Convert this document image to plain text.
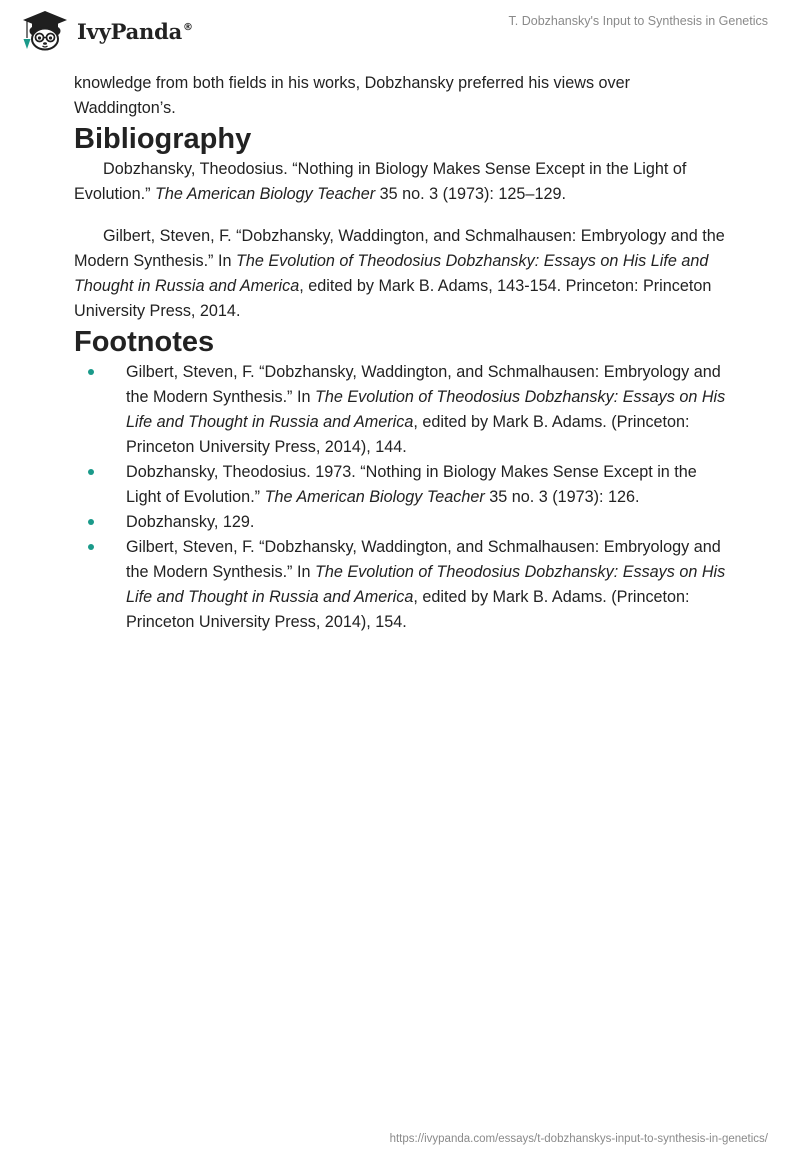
IvyPanda®	T. Dobzhansky's Input to Synthesis in Genetics

knowledge from both fields in his works, Dobzhansky preferred his views over Waddington’s.

Bibliography

Dobzhansky, Theodosius. “Nothing in Biology Makes Sense Except in the Light of Evolution.” The American Biology Teacher 35 no. 3 (1973): 125–129.

Gilbert, Steven, F. “Dobzhansky, Waddington, and Schmalhausen: Embryology and the Modern Synthesis.” In The Evolution of Theodosius Dobzhansky: Essays on His Life and Thought in Russia and America, edited by Mark B. Adams, 143-154. Princeton: Princeton University Press, 2014.

Footnotes
Gilbert, Steven, F. “Dobzhansky, Waddington, and Schmalhausen: Embryology and the Modern Synthesis.” In The Evolution of Theodosius Dobzhansky: Essays on His Life and Thought in Russia and America, edited by Mark B. Adams. (Princeton: Princeton University Press, 2014), 144.
Dobzhansky, Theodosius. 1973. “Nothing in Biology Makes Sense Except in the Light of Evolution.” The American Biology Teacher 35 no. 3 (1973): 126.
Dobzhansky, 129.
Gilbert, Steven, F. “Dobzhansky, Waddington, and Schmalhausen: Embryology and the Modern Synthesis.” In The Evolution of Theodosius Dobzhansky: Essays on His Life and Thought in Russia and America, edited by Mark B. Adams. (Princeton: Princeton University Press, 2014), 154.
https://ivypanda.com/essays/t-dobzhanskys-input-to-synthesis-in-genetics/
